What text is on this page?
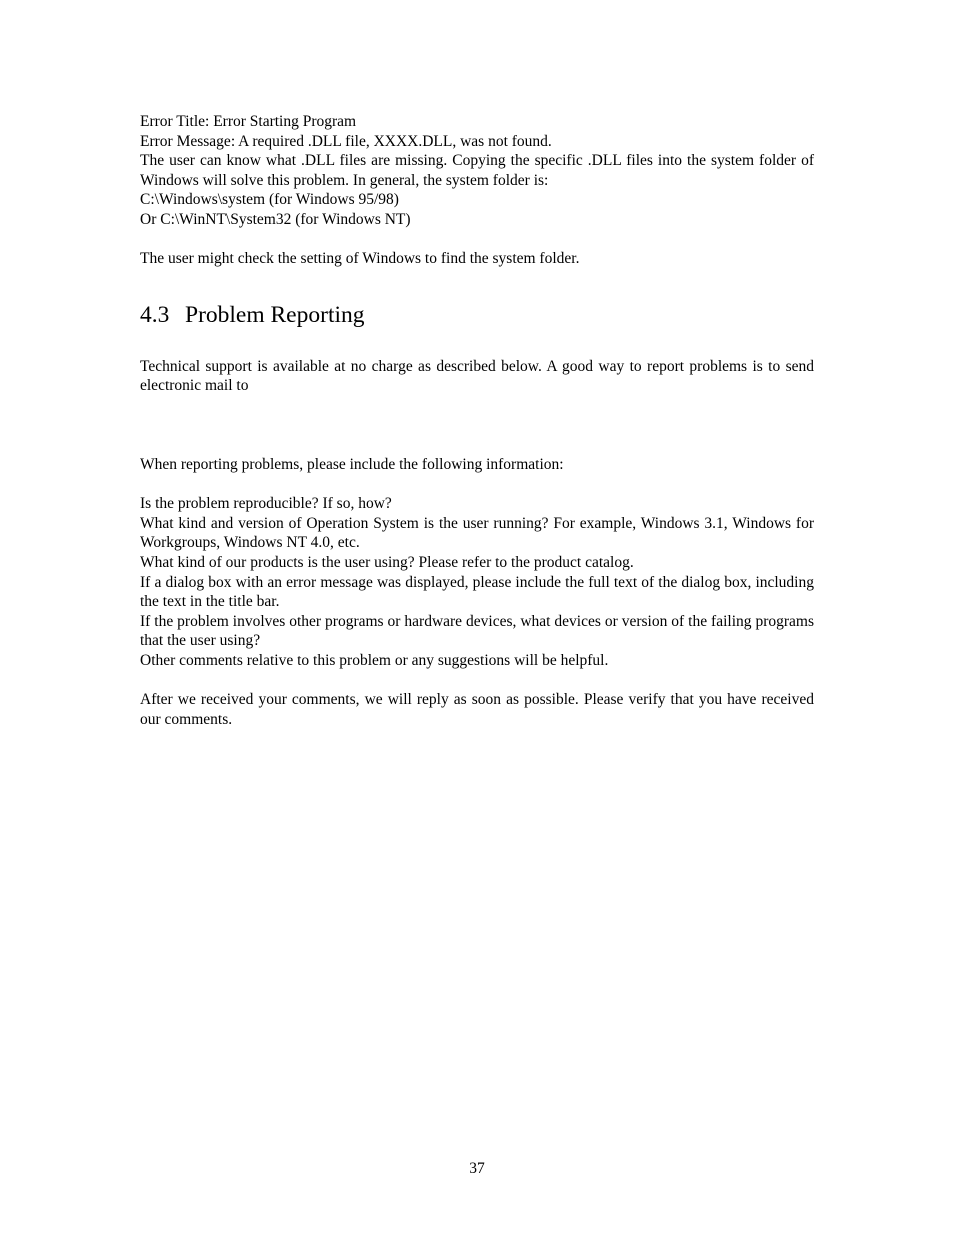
Error Title: Error Starting Program
Error Message: A required .DLL file, XXXX.DLL, was not found.
The user can know what .DLL files are missing. Copying the specific .DLL files into the system folder of Windows will solve this problem. In general, the system folder is:
C:\Windows\system (for Windows 95/98)
Or C:\WinNT\System32 (for Windows NT)
The user might check the setting of Windows to find the system folder.
4.3 Problem Reporting
Technical support is available at no charge as described below. A good way to report problems is to send electronic mail to
When reporting problems, please include the following information:
Is the problem reproducible? If so, how?
What kind and version of Operation System is the user running? For example, Windows 3.1, Windows for Workgroups, Windows NT 4.0, etc.
What kind of our products is the user using? Please refer to the product catalog.
If a dialog box with an error message was displayed, please include the full text of the dialog box, including the text in the title bar.
If the problem involves other programs or hardware devices, what devices or version of the failing programs that the user using?
Other comments relative to this problem or any suggestions will be helpful.
After we received your comments, we will reply as soon as possible. Please verify that you have received our comments.
37
